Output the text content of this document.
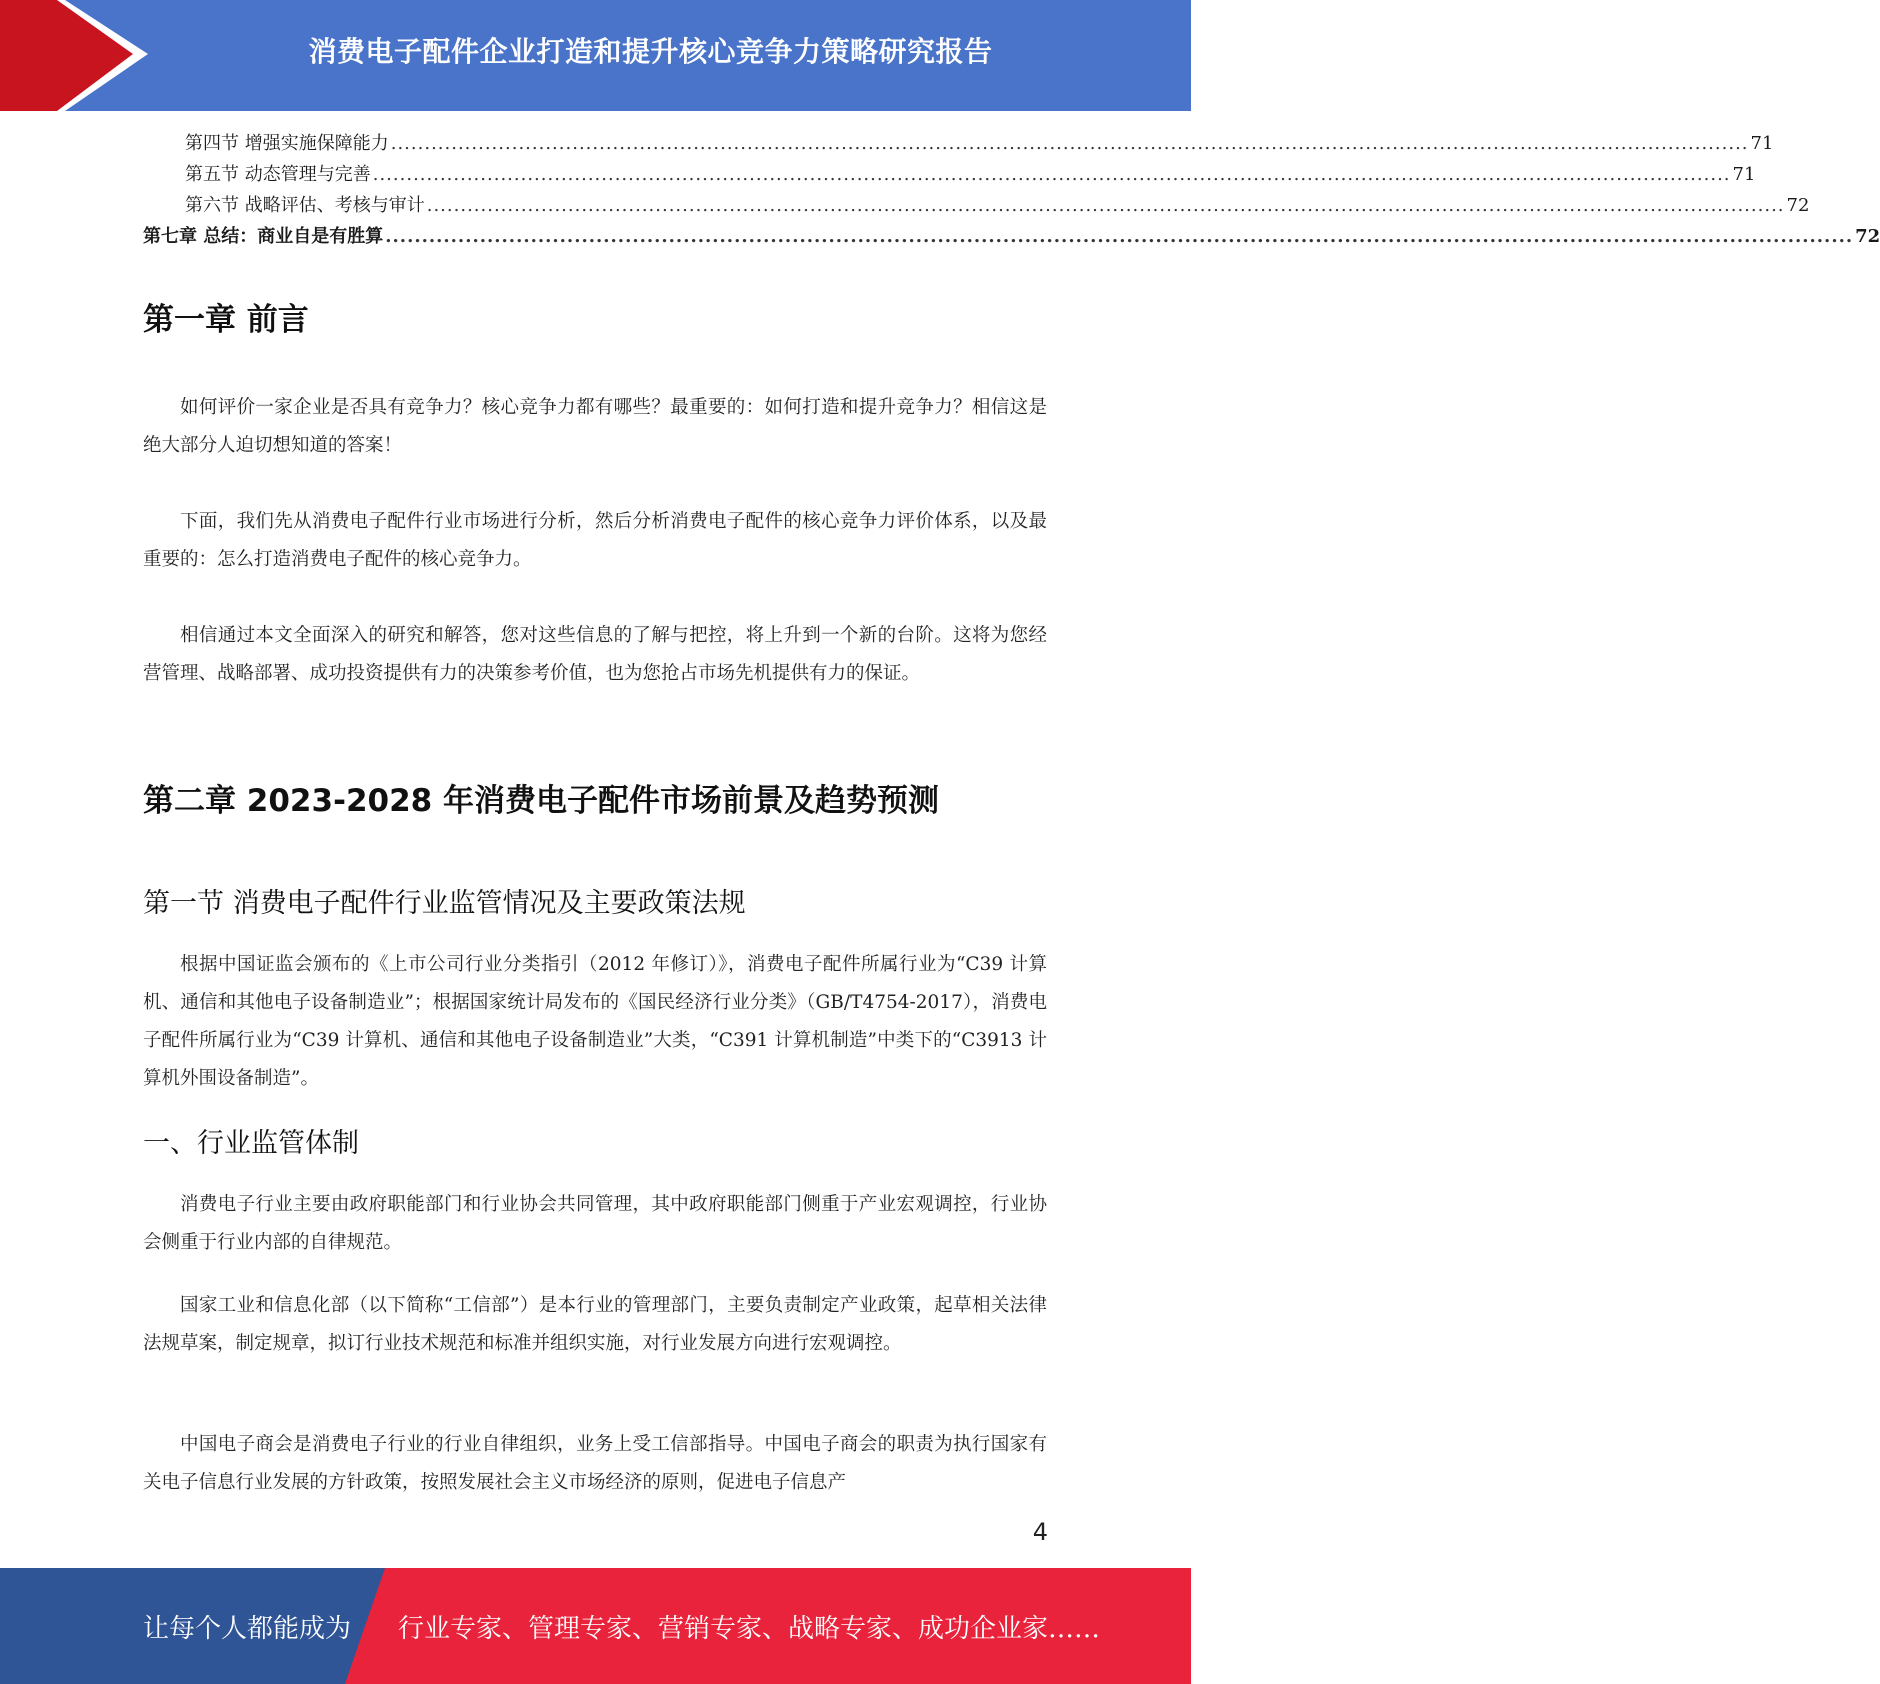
消费电子配件企业打造和提升核心竞争力策略研究报告
第四节 增强实施保障能力 .......................................................................................................................................................................................................... 71
第五节 动态管理与完善 .......................................................................................................................................................................................................... 71
第六节 战略评估、考核与审计 .......................................................................................................................................................................................................... 72
第七章 总结：商业自是有胜算 .......................................................................................................................................................................................................... 72
第一章 前言

如何评价一家企业是否具有竞争力？核心竞争力都有哪些？最重要的：如何打造和提升竞争力？相信这是绝大部分人迫切想知道的答案！

下面，我们先从消费电子配件行业市场进行分析，然后分析消费电子配件的核心竞争力评价体系，以及最重要的：怎么打造消费电子配件的核心竞争力。

相信通过本文全面深入的研究和解答，您对这些信息的了解与把控，将上升到一个新的台阶。这将为您经营管理、战略部署、成功投资提供有力的决策参考价值，也为您抢占市场先机提供有力的保证。

第二章 2023-2028 年消费电子配件市场前景及趋势预测
第一节 消费电子配件行业监管情况及主要政策法规

根据中国证监会颁布的《上市公司行业分类指引（2012 年修订）》，消费电子配件所属行业为“C39 计算机、通信和其他电子设备制造业”；根据国家统计局发布的《国民经济行业分类》（GB/T4754-2017），消费电子配件所属行业为“C39 计算机、通信和其他电子设备制造业”大类，“C391 计算机制造”中类下的“C3913 计算机外围设备制造”。

一、行业监管体制

消费电子行业主要由政府职能部门和行业协会共同管理，其中政府职能部门侧重于产业宏观调控，行业协会侧重于行业内部的自律规范。

国家工业和信息化部（以下简称“工信部”）是本行业的管理部门，主要负责制定产业政策，起草相关法律法规草案，制定规章，拟订行业技术规范和标准并组织实施，对行业发展方向进行宏观调控。

中国电子商会是消费电子行业的行业自律组织，业务上受工信部指导。中国电子商会的职责为执行国家有关电子信息行业发展的方针政策，按照发展社会主义市场经济的原则，促进电子信息产

4
让每个人都能成为 行业专家、管理专家、营销专家、战略专家、成功企业家……
